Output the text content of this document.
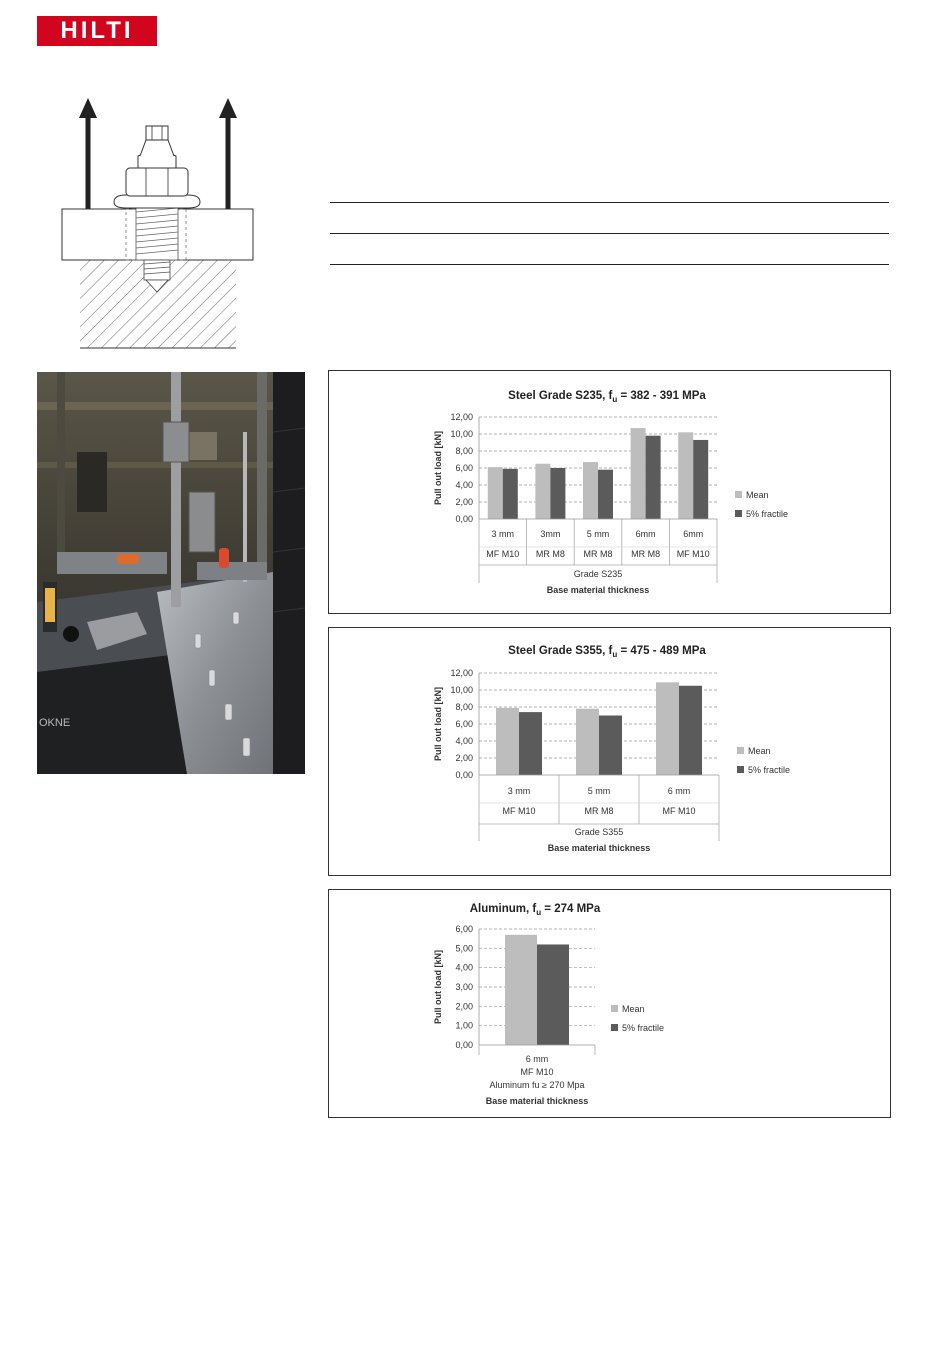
HILTI
OKNE
Steel Grade S235, $f_u = 382 - 391$ MPa
Pull out load [kN]
0,00
2,00
4,00
6,00
8,00
10,00
12,00
3 mm
MF M10
3mm
MR M8
5 mm
MR M8
6mm
MR M8
6mm
MF M10
Grade S235
Base material thickness
Mean
5% fractile
Steel Grade S355, $f_u = 475 - 489$ MPa
Pull out load [kN]
0,00
2,00
4,00
6,00
8,00
10,00
12,00
3 mm
MF M10
5 mm
MR M8
6 mm
MF M10
Grade S355
Base material thickness
Mean
5% fractile
Aluminum, $f_u = 274$ MPa
Pull out load [kN]
0,00
1,00
2,00
3,00
4,00
5,00
6,00
6 mm
MF M10
Aluminum fu ≥ 270 Mpa
Base material thickness
Mean
5% fractile
